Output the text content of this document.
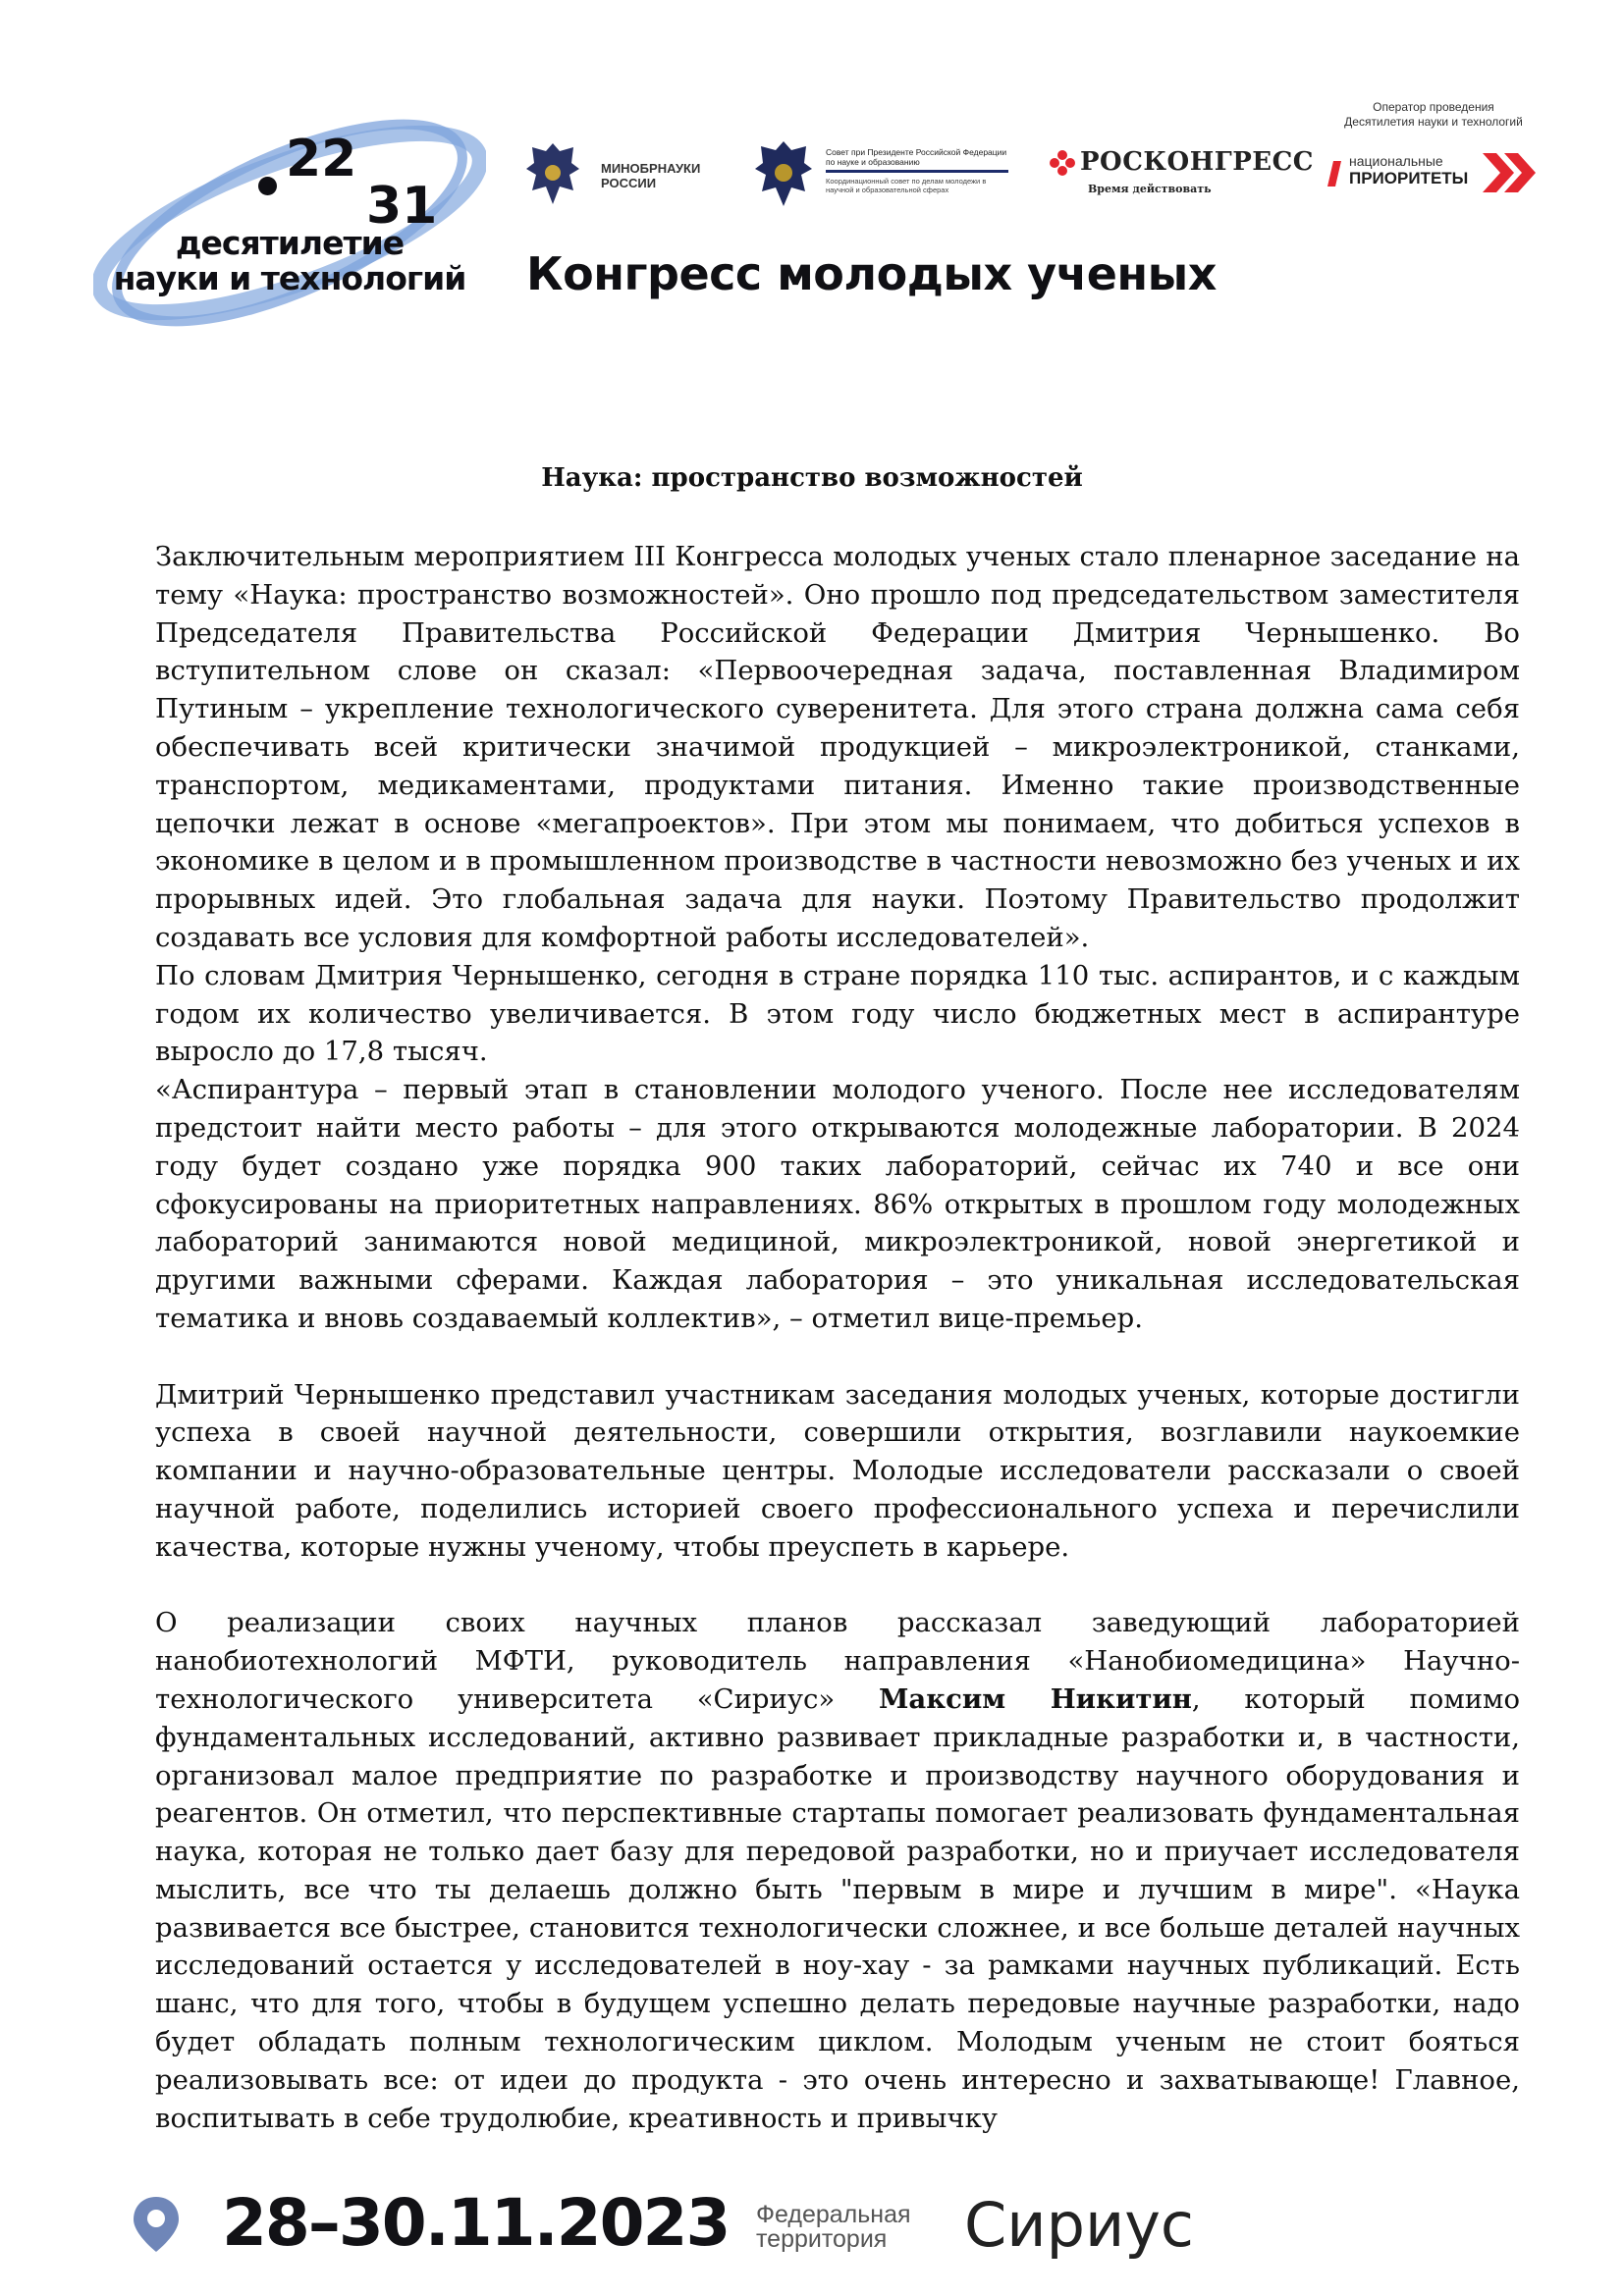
22
31
десятилетие
науки и технологий
МИНОБРНАУКИ
РОССИИ
Совет при Президенте Российской Федерации по науке и образованию
Координационный совет по делам молодежи в научной и образовательной сферах
РОСКОНГРЕСС
Время действовать
Оператор проведения
Десятилетия науки и технологий
национальные
ПРИОРИТЕТЫ
Конгресс молодых ученых
Наука: пространство возможностей

Заключительным мероприятием III Конгресса молодых ученых стало пленарное заседание на тему «Наука: пространство возможностей». Оно прошло под председательством заместителя Председателя Правительства Российской Федерации Дмитрия Чернышенко. Во вступительном слове он сказал: «Первоочередная задача, поставленная Владимиром Путиным – укрепление технологического суверенитета. Для этого страна должна сама себя обеспечивать всей критически значимой продукцией – микроэлектроникой, станками, транспортом, медикаментами, продуктами питания. Именно такие производственные цепочки лежат в основе «мегапроектов». При этом мы понимаем, что добиться успехов в экономике в целом и в промышленном производстве в частности невозможно без ученых и их прорывных идей. Это глобальная задача для науки. Поэтому Правительство продолжит создавать все условия для комфортной работы исследователей».

По словам Дмитрия Чернышенко, сегодня в стране порядка 110 тыс. аспирантов, и с каждым годом их количество увеличивается. В этом году число бюджетных мест в аспирантуре выросло до 17,8 тысяч.

«Аспирантура – первый этап в становлении молодого ученого. После нее исследователям предстоит найти место работы – для этого открываются молодежные лаборатории. В 2024 году будет создано уже порядка 900 таких лабораторий, сейчас их 740 и все они сфокусированы на приоритетных направлениях. 86% открытых в прошлом году молодежных лабораторий занимаются новой медициной, микроэлектроникой, новой энергетикой и другими важными сферами. Каждая лаборатория – это уникальная исследовательская тематика и вновь создаваемый коллектив», – отметил вице-премьер.

Дмитрий Чернышенко представил участникам заседания молодых ученых, которые достигли успеха в своей научной деятельности, совершили открытия, возглавили наукоемкие компании и научно-образовательные центры. Молодые исследователи рассказали о своей научной работе, поделились историей своего профессионального успеха и перечислили качества, которые нужны ученому, чтобы преуспеть в карьере.

О реализации своих научных планов рассказал заведующий лабораторией нанобиотехнологий МФТИ, руководитель направления «Нанобиомедицина» Научно-технологического университета «Сириус» Максим Никитин, который помимо фундаментальных исследований, активно развивает прикладные разработки и, в частности, организовал малое предприятие по разработке и производству научного оборудования и реагентов. Он отметил, что перспективные стартапы помогает реализовать фундаментальная наука, которая не только дает базу для передовой разработки, но и приучает исследователя мыслить, все что ты делаешь должно быть "первым в мире и лучшим в мире". «Наука развивается все быстрее, становится технологически сложнее, и все больше деталей научных исследований остается у исследователей в ноу-хау - за рамками научных публикаций. Есть шанс, что для того, чтобы в будущем успешно делать передовые научные разработки, надо будет обладать полным технологическим циклом. Молодым ученым не стоит бояться реализовывать все: от идеи до продукта - это очень интересно и захватывающе! Главное, воспитывать в себе трудолюбие, креативность и привычку

28–30.11.2023 Федеральная
территория	Сириус
